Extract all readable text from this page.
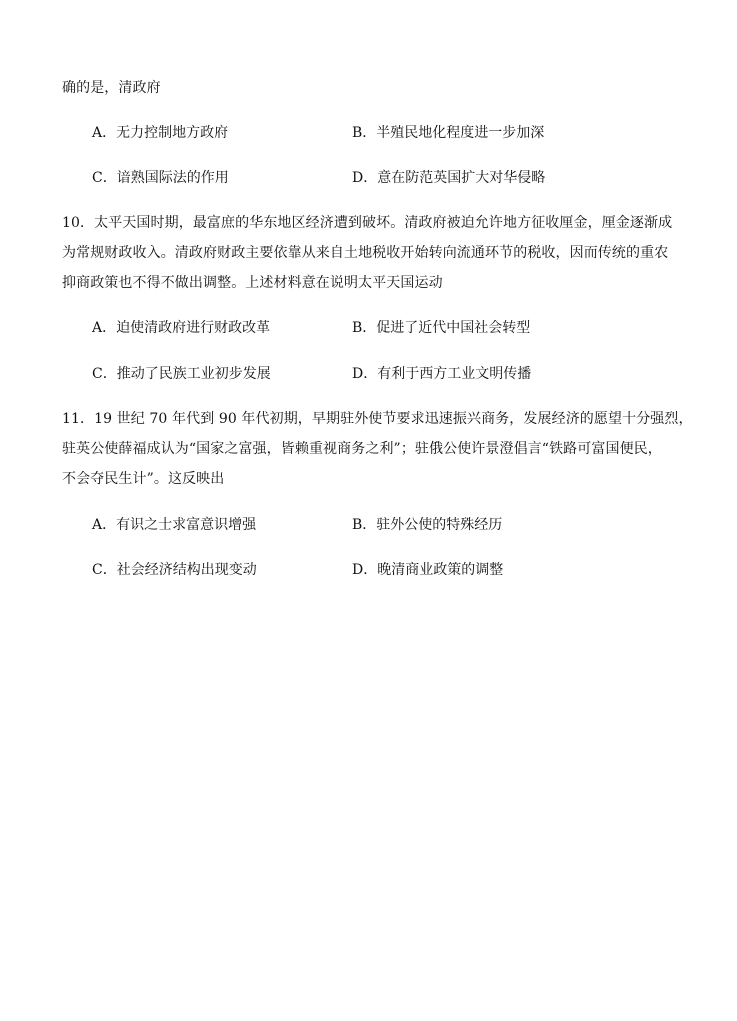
确的是，清政府
A．无力控制地方政府	B．半殖民地化程度进一步加深
C．谙熟国际法的作用	D．意在防范英国扩大对华侵略
10．太平天国时期，最富庶的华东地区经济遭到破坏。清政府被迫允许地方征收厘金，厘金逐渐成
为常规财政收入。清政府财政主要依靠从来自土地税收开始转向流通环节的税收，因而传统的重农
抑商政策也不得不做出调整。上述材料意在说明太平天国运动
A．迫使清政府进行财政改革	B．促进了近代中国社会转型
C．推动了民族工业初步发展	D．有利于西方工业文明传播
11．19 世纪 70 年代到 90 年代初期，早期驻外使节要求迅速振兴商务，发展经济的愿望十分强烈，
驻英公使薛福成认为“国家之富强，皆赖重视商务之利”；驻俄公使许景澄倡言“铁路可富国便民，
不会夺民生计”。这反映出
A．有识之士求富意识增强	B．驻外公使的特殊经历
C．社会经济结构出现变动	D．晚清商业政策的调整
